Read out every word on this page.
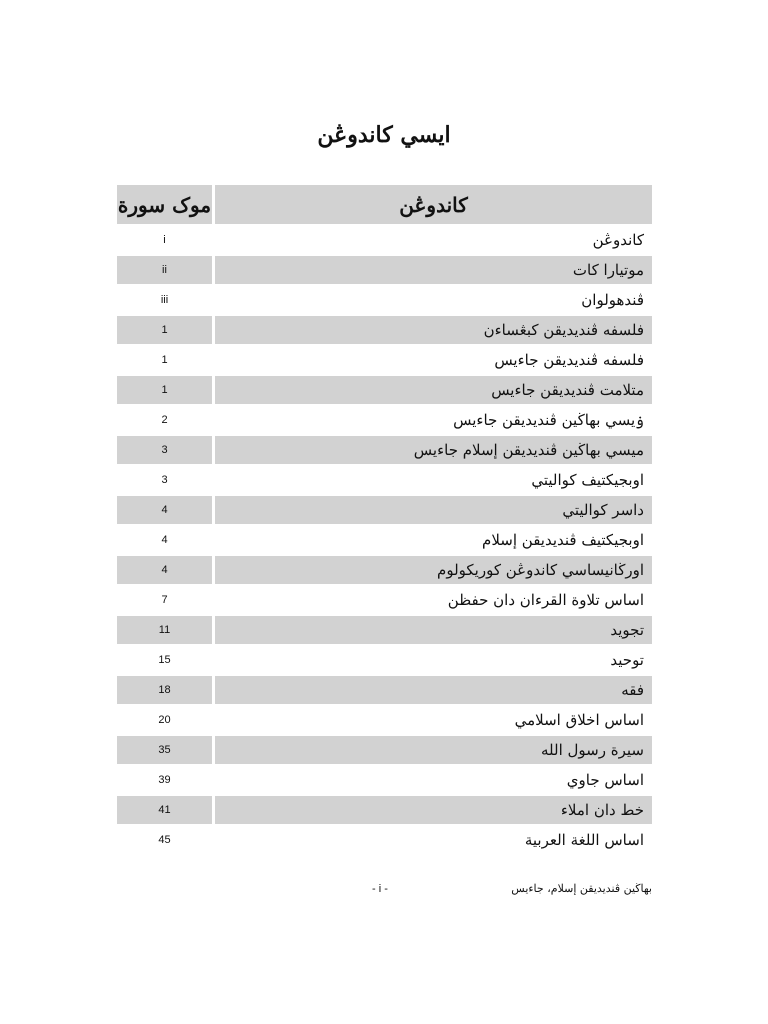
ايسي كاندوڠن
موک سورة	كاندوڠن
i	كاندوڠن
ii	موتيارا كات
iii	ڤندهولوان
1	فلسفه ڤنديديقن كبڠساءن
1	فلسفه ڤنديديقن جاءيس
1	متلامت ڤنديديقن جاءيس
2	ۏيسي بهاڬين ڤنديديقن جاءيس
3	ميسي بهاڬين ڤنديديقن إسلام جاءيس
3	اوبجيكتيف كواليتي
4	داسر كواليتي
4	اوبجيكتيف ڤنديديقن إسلام
4	اورڬانيساسي كاندوڠن كوريكولوم
7	اساس تلاوة القرءان دان حفظن
11	تجويد
15	توحيد
18	فقه
20	اساس اخلاق اسلامي
35	سيرة رسول الله
39	اساس جاوي
41	خط دان املاء
45	اساس اللغة العربية
- i -	بهاڬين ڤنديديقن إسلام، جاءيس
